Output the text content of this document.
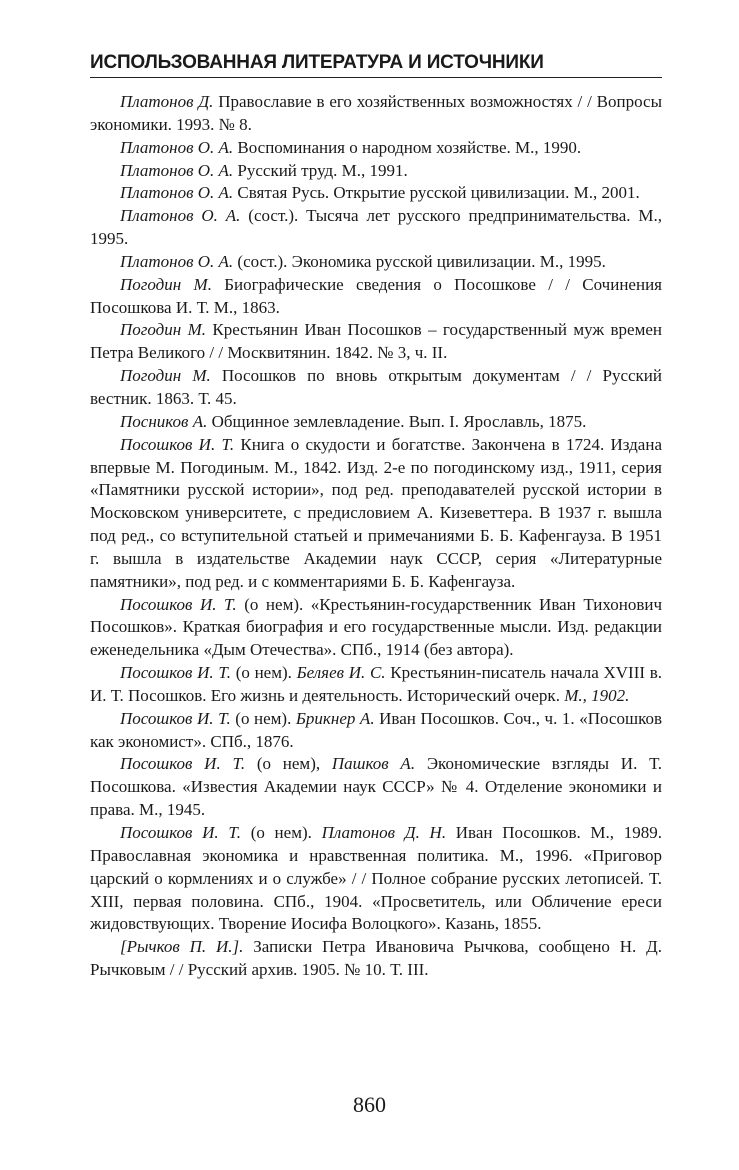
ИСПОЛЬЗОВАННАЯ ЛИТЕРАТУРА И ИСТОЧНИКИ

Платонов Д. Православие в его хозяйственных возможностях / / Вопросы экономики. 1993. № 8.

Платонов О. А. Воспоминания о народном хозяйстве. М., 1990.

Платонов О. А. Русский труд. М., 1991.

Платонов О. А. Святая Русь. Открытие русской цивилизации. М., 2001.

Платонов О. А. (сост.). Тысяча лет русского предпринимательства. М., 1995.

Платонов О. А. (сост.). Экономика русской цивилизации. М., 1995.

Погодин М. Биографические сведения о Посошкове / / Сочинения Посошкова И. Т. М., 1863.

Погодин М. Крестьянин Иван Посошков – государственный муж времен Петра Великого / / Москвитянин. 1842. № 3, ч. II.

Погодин М. Посошков по вновь открытым документам / / Русский вестник. 1863. Т. 45.

Посников А. Общинное землевладение. Вып. I. Ярославль, 1875.

Посошков И. Т. Книга о скудости и богатстве. Закончена в 1724. Издана впервые М. Погодиным. М., 1842. Изд. 2-е по погодинскому изд., 1911, серия «Памятники русской истории», под ред. преподавателей русской истории в Московском университете, с предисловием А. Кизеветтера. В 1937 г. вышла под ред., со вступительной статьей и примечаниями Б. Б. Кафенгауза. В 1951 г. вышла в издательстве Академии наук СССР, серия «Литературные памятники», под ред. и с комментариями Б. Б. Кафенгауза.

Посошков И. Т. (о нем). «Крестьянин-государственник Иван Тихонович Посошков». Краткая биография и его государственные мысли. Изд. редакции еженедельника «Дым Отечества». СПб., 1914 (без автора).

Посошков И. Т. (о нем). Беляев И. С. Крестьянин-писатель начала XVIII в. И. Т. Посошков. Его жизнь и деятельность. Исторический очерк. М., 1902.

Посошков И. Т. (о нем). Брикнер А. Иван Посошков. Соч., ч. 1. «Посошков как экономист». СПб., 1876.

Посошков И. Т. (о нем), Пашков А. Экономические взгляды И. Т. Посошкова. «Известия Академии наук СССР» № 4. Отделение экономики и права. М., 1945.

Посошков И. Т. (о нем). Платонов Д. Н. Иван Посошков. М., 1989. Православная экономика и нравственная политика. М., 1996. «Приговор царский о кормлениях и о службе» / / Полное собрание русских летописей. Т. XIII, первая половина. СПб., 1904. «Просветитель, или Обличение ереси жидовствующих. Творение Иосифа Волоцкого». Казань, 1855.

[Рычков П. И.]. Записки Петра Ивановича Рычкова, сообщено Н. Д. Рычковым / / Русский архив. 1905. № 10. Т. III.

860
